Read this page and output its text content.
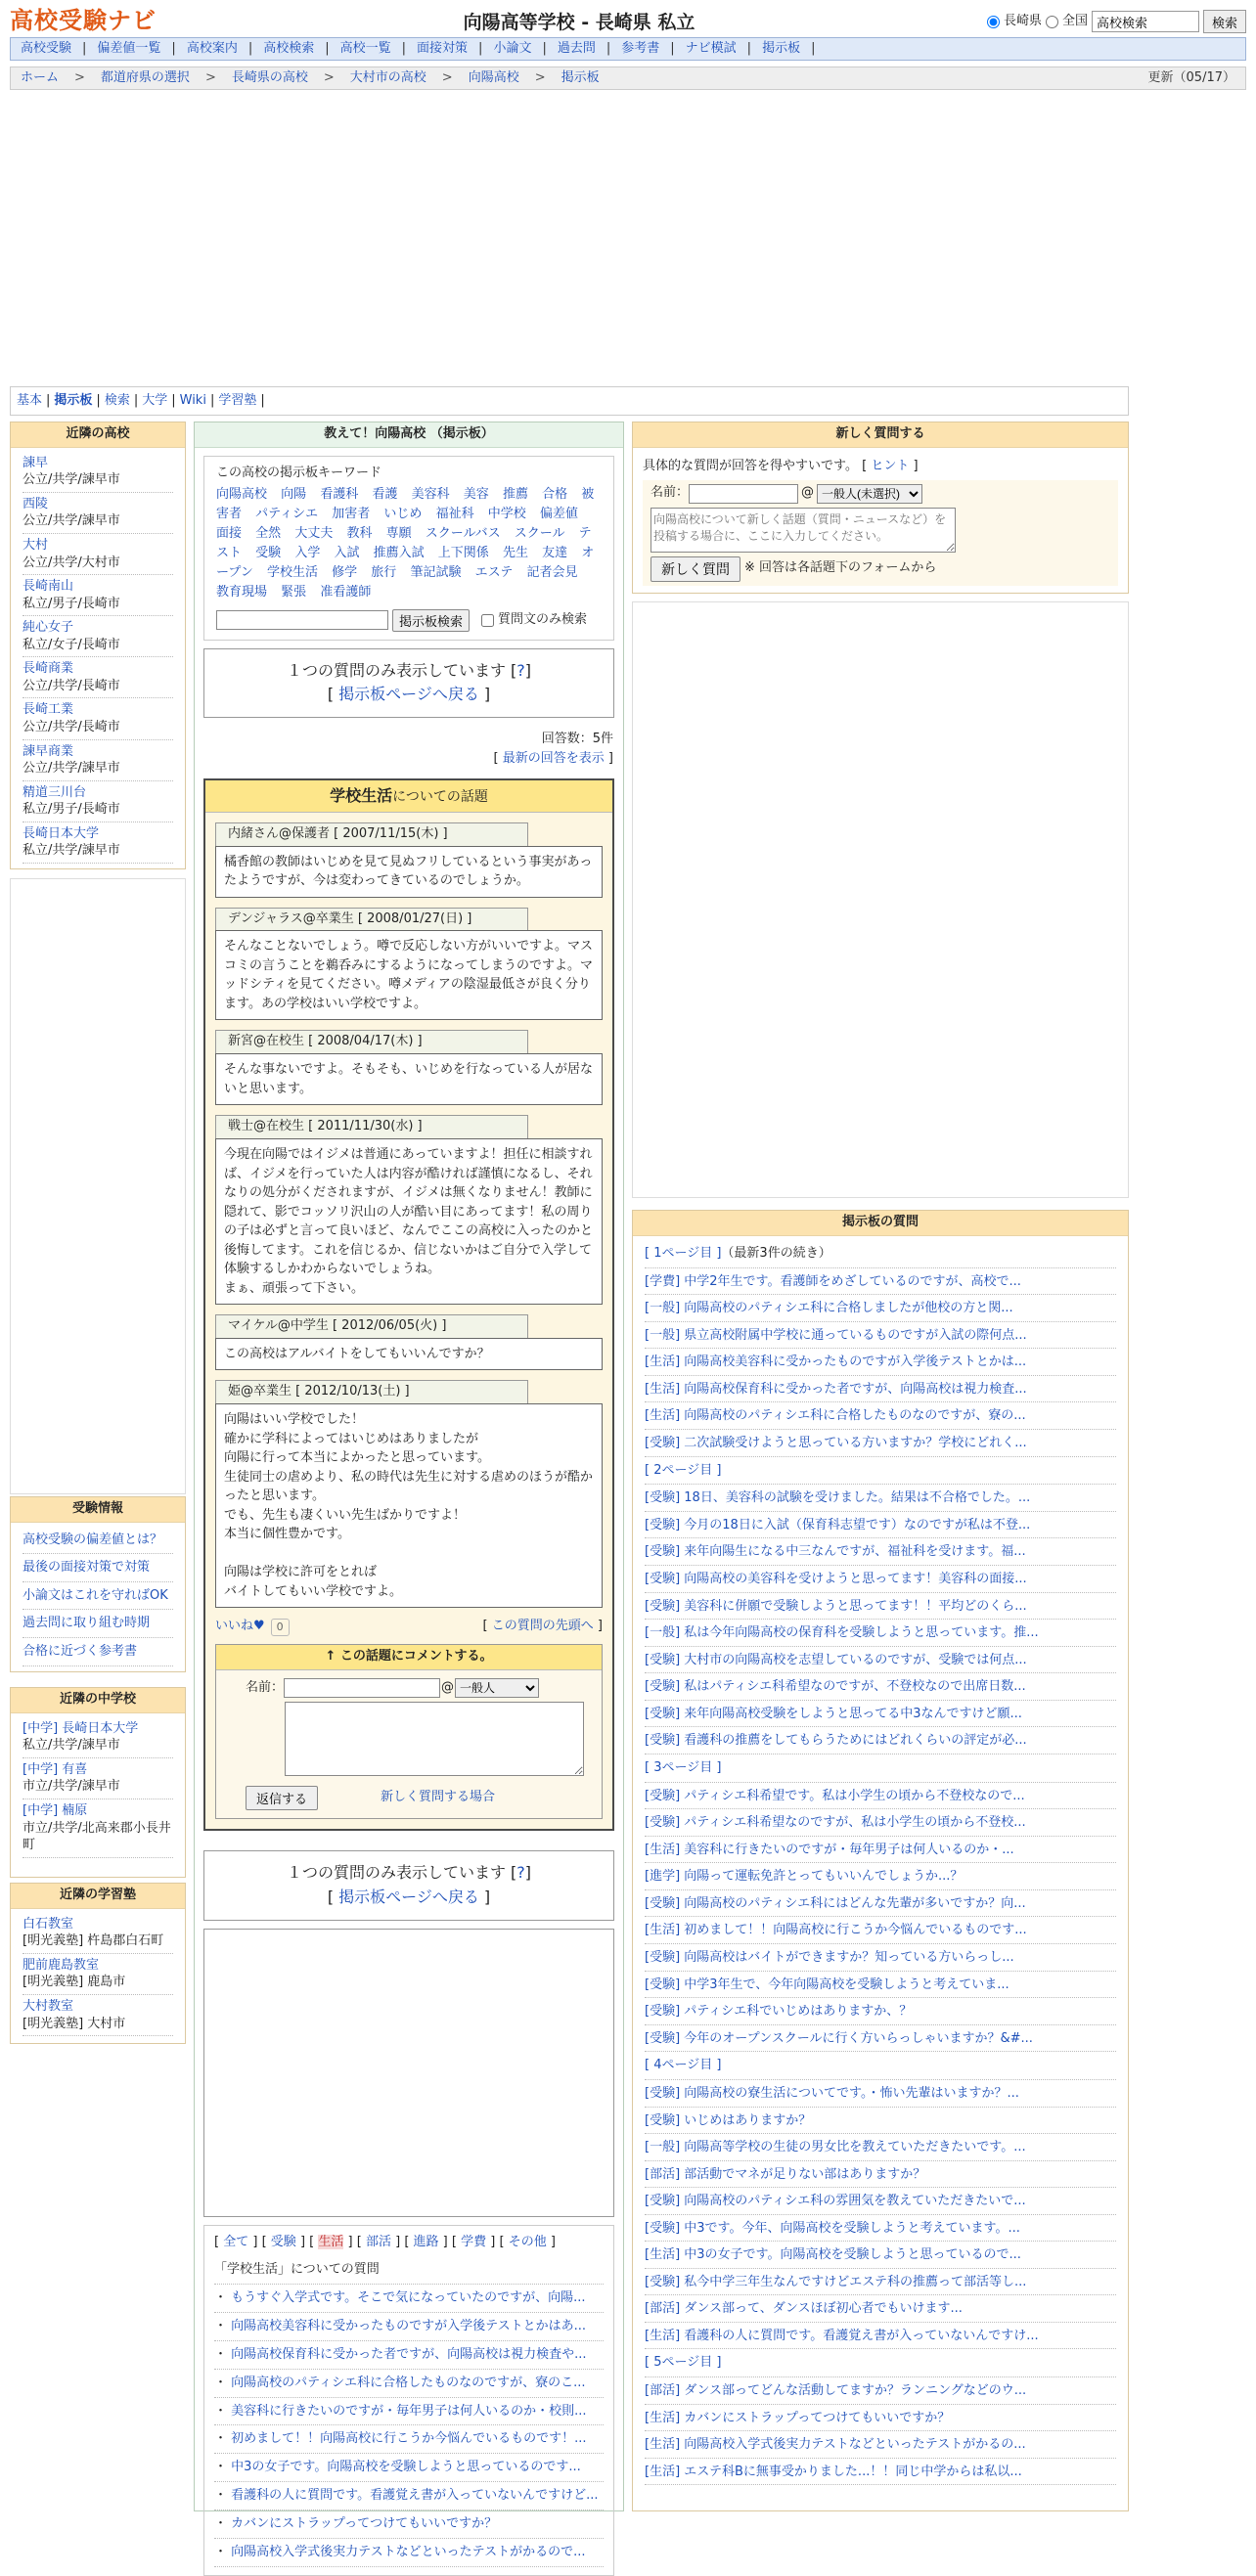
高校受験ナビ	向陽高等学校 - 長崎県 私立	長崎県 全国
高校検索	検索
高校受験 | 偏差値一覧 | 高校案内 | 高校検索 | 高校一覧 | 面接対策 | 小論文 | 過去問 | 参考書 | ナビ模試 | 掲示板 |
ホーム > 都道府県の選択 > 長崎県の高校 > 大村市の高校 > 向陽高校 > 掲示板	更新（05/17）
基本 | 掲示板 | 検索 | 大学 | Wiki | 学習塾 |
近隣の高校
諫早
公立/共学/諫早市
西陵
公立/共学/諫早市
大村
公立/共学/大村市
長崎南山
私立/男子/長崎市
純心女子
私立/女子/長崎市
長崎商業
公立/共学/長崎市
長崎工業
公立/共学/長崎市
諫早商業
公立/共学/諫早市
精道三川台
私立/男子/長崎市
長崎日本大学
私立/共学/諫早市
受験情報
高校受験の偏差値とは？
最後の面接対策で対策
小論文はこれを守ればOK
過去問に取り組む時期
合格に近づく参考書
近隣の中学校
[中学] 長崎日本大学
私立/共学/諫早市
[中学] 有喜
市立/共学/諫早市
[中学] 楠原
市立/共学/北高来郡小長井町
近隣の学習塾
白石教室
[明光義塾] 杵島郡白石町
肥前鹿島教室
[明光義塾] 鹿島市
大村教室
[明光義塾] 大村市
教えて！向陽高校 （掲示板）
この高校の掲示板キーワード
向陽高校 向陽 看護科 看護 美容科 美容 推薦 合格 被害者 パティシエ 加害者 いじめ 福祉科 中学校 偏差値 面接 全然 大丈夫 教科 専願 スクールバス スクール テスト 受験 入学 入試 推薦入試 上下関係 先生 友達 オープン 学校生活 修学 旅行 筆記試験 エステ 記者会見 教育現場 緊張 准看護師
掲示板検索	質問文のみ検索
１つの質問のみ表示しています [?]
[ 掲示板ページへ戻る ]
回答数：5件
[ 最新の回答を表示 ]
学校生活についての話題
内緒さん@保護者 [ 2007/11/15(木) ]
橘香館の教師はいじめを見て見ぬフリしているという事実があったようですが、今は変わってきているのでしょうか。
デンジャラス@卒業生 [ 2008/01/27(日) ]
そんなことないでしょう。噂で反応しない方がいいですよ。マスコミの言うことを鵜呑みにするようになってしまうのですよ。マッドシティを見てください。噂メディアの陰湿最低さが良く分ります。あの学校はいい学校ですよ。
新宮@在校生 [ 2008/04/17(木) ]
そんな事ないですよ。そもそも、いじめを行なっている人が居ないと思います。
戦士@在校生 [ 2011/11/30(水) ]
今現在向陽ではイジメは普通にあっていますよ！担任に相談すれば、イジメを行っていた人は内容が酷ければ謹慎になるし、それなりの処分がくだされますが、イジメは無くなりません！教師に隠れて、影でコッソリ沢山の人が酷い目にあってます！私の周りの子は必ずと言って良いほど、なんでここの高校に入ったのかと後悔してます。これを信じるか、信じないかはご自分で入学して体験するしかわからないでしょうね。
まぁ、頑張って下さい。
マイケル@中学生 [ 2012/06/05(火) ]
この高校はアルバイトをしてもいいんですか？
姫@卒業生 [ 2012/10/13(土) ]
向陽はいい学校でした！
確かに学科によってはいじめはありましたが
向陽に行って本当によかったと思っています。
生徒同士の虐めより、私の時代は先生に対する虐めのほうが酷かったと思います。
でも、先生も凄くいい先生ばかりですよ！
本当に個性豊かです。

向陽は学校に許可をとれば
バイトしてもいい学校ですよ。
いいね♥	0	[ この質問の先頭へ ]
↑ この話題にコメントする。
名前：	@
一般人
返信する	新しく質問する場合
１つの質問のみ表示しています [?]
[ 掲示板ページへ戻る ]
[ 全て ] [ 受験 ] [ 生活 ] [ 部活 ] [ 進路 ] [ 学費 ] [ その他 ]
「学校生活」についての質問
・ もうすぐ入学式です。そこで気になっていたのですが、向陽...
・ 向陽高校美容科に受かったものですが入学後テストとかはあ...
・ 向陽高校保育科に受かった者ですが、向陽高校は視力検査や...
・ 向陽高校のパティシエ科に合格したものなのですが、寮のこ...
・ 美容科に行きたいのですが・毎年男子は何人いるのか・校則...
・ 初めまして！！向陽高校に行こうか今悩んでいるものです！...
・ 中3の女子です。向陽高校を受験しようと思っているのです...
・ 看護科の人に質問です。看護覚え書が入っていないんですけど...
・ カバンにストラップってつけてもいいですか？
・ 向陽高校入学式後実力テストなどといったテストがかるので...
新しく質問する
具体的な質問が回答を得やすいです。 [ ヒント ]
名前：	@
一般人(未選択)
向陽高校について新しく話題（質問・ニュースなど）を投稿する場合に、ここに入力してください。
新しく質問	※ 回答は各話題下のフォームから
掲示板の質問
[ 1ページ目 ]（最新3件の続き）
[学費] 中学2年生です。看護師をめざしているのですが、高校で...
[一般] 向陽高校のパティシエ科に合格しましたが他校の方と関...
[一般] 県立高校附属中学校に通っているものですが入試の際何点...
[生活] 向陽高校美容科に受かったものですが入学後テストとかは...
[生活] 向陽高校保育科に受かった者ですが、向陽高校は視力検査...
[生活] 向陽高校のパティシエ科に合格したものなのですが、寮の...
[受験] 二次試験受けようと思っている方いますか？学校にどれく...
[ 2ページ目 ]
[受験] 18日、美容科の試験を受けました。結果は不合格でした。...
[受験] 今月の18日に入試（保育科志望です）なのですが私は不登...
[受験] 来年向陽生になる中三なんですが、福祉科を受けます。福...
[受験] 向陽高校の美容科を受けようと思ってます！美容科の面接...
[受験] 美容科に併願で受験しようと思ってます！！平均どのくら...
[一般] 私は今年向陽高校の保育科を受験しようと思っています。推...
[受験] 大村市の向陽高校を志望しているのですが、受験では何点...
[受験] 私はパティシエ科希望なのですが、不登校なので出席日数...
[受験] 来年向陽高校受験をしようと思ってる中3なんですけど願...
[受験] 看護科の推薦をしてもらうためにはどれくらいの評定が必...
[ 3ページ目 ]
[受験] パティシエ科希望です。私は小学生の頃から不登校なので...
[受験] パティシエ科希望なのですが、私は小学生の頃から不登校...
[生活] 美容科に行きたいのですが・毎年男子は何人いるのか・...
[進学] 向陽って運転免許とってもいいんでしょうか...？
[受験] 向陽高校のパティシエ科にはどんな先輩が多いですか？向...
[生活] 初めまして！！向陽高校に行こうか今悩んでいるものです...
[受験] 向陽高校はバイトができますか？知っている方いらっし...
[受験] 中学3年生で、今年向陽高校を受験しようと考えていま...
[受験] パティシエ科でいじめはありますか、？
[受験] 今年のオープンスクールに行く方いらっしゃいますか？&#...
[ 4ページ目 ]
[受験] 向陽高校の寮生活についてです。・怖い先輩はいますか？...
[受験] いじめはありますか？
[一般] 向陽高等学校の生徒の男女比を教えていただきたいです。...
[部活] 部活動でマネが足りない部はありますか？
[受験] 向陽高校のパティシエ科の雰囲気を教えていただきたいで...
[受験] 中3です。今年、向陽高校を受験しようと考えています。...
[生活] 中3の女子です。向陽高校を受験しようと思っているので...
[受験] 私今中学三年生なんですけどエステ科の推薦って部活等し...
[部活] ダンス部って、ダンスほぼ初心者でもいけます...
[生活] 看護科の人に質問です。看護覚え書が入っていないんですけ...
[ 5ページ目 ]
[部活] ダンス部ってどんな活動してますか？ランニングなどのウ...
[生活] カバンにストラップってつけてもいいですか？
[生活] 向陽高校入学式後実力テストなどといったテストがかるの...
[生活] エステ科Bに無事受かりました...！！同じ中学からは私以...
